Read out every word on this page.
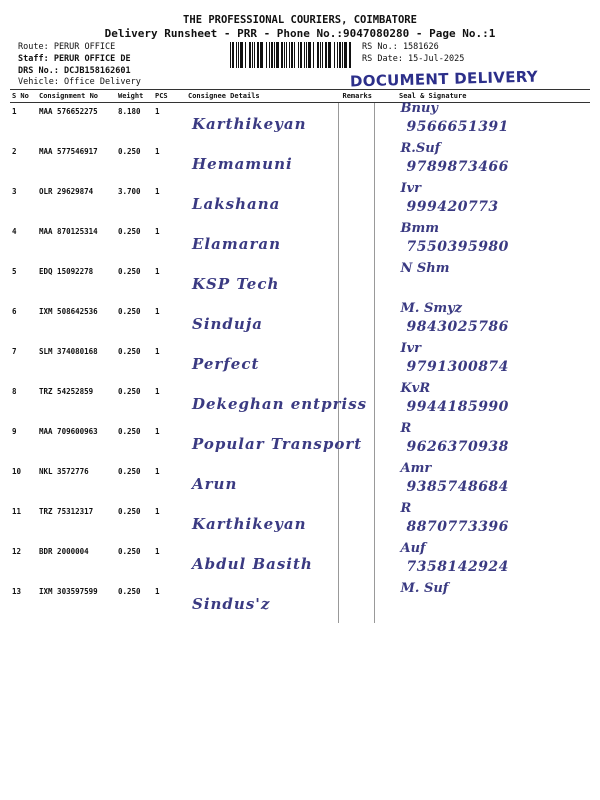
THE PROFESSIONAL COURIERS, COIMBATORE
Delivery Runsheet - PRR - Phone No.:9047080280 - Page No.:1
Route: PERUR OFFICE
Staff: PERUR OFFICE DE
DRS No.: DCJB158162601
Vehicle: Office Delivery
RS No.: 1581626
RS Date: 15-Jul-2025
DOCUMENT DELIVERY
S No	Consignment No	Weight	PCS	Consignee Details	Remarks	Seal & Signature
1	MAA 576652275	8.180	1	Karthikeyan		Bnuy
9566651391

2	MAA 577546917	0.250	1	Hemamuni		R.Suf
9789873466

3	OLR 29629874	3.700	1	Lakshana		Ivr
999420773

4	MAA 870125314	0.250	1	Elamaran		Bmm
7550395980

5	EDQ 15092278	0.250	1	KSP Tech		N Shm

6	IXM 508642536	0.250	1	Sinduja		M. Smyz
9843025786

7	SLM 374080168	0.250	1	Perfect		Ivr
9791300874

8	TRZ 54252859	0.250	1	Dekeghan entpriss		KvR
9944185990

9	MAA 709600963	0.250	1	Popular Transport		R
9626370938

10	NKL 3572776	0.250	1	Arun		Amr
9385748684

11	TRZ 75312317	0.250	1	Karthikeyan		R
8870773396

12	BDR 2000004	0.250	1	Abdul Basith		Auf
7358142924

13	IXM 303597599	0.250	1	Sindus'z		M. Suf
